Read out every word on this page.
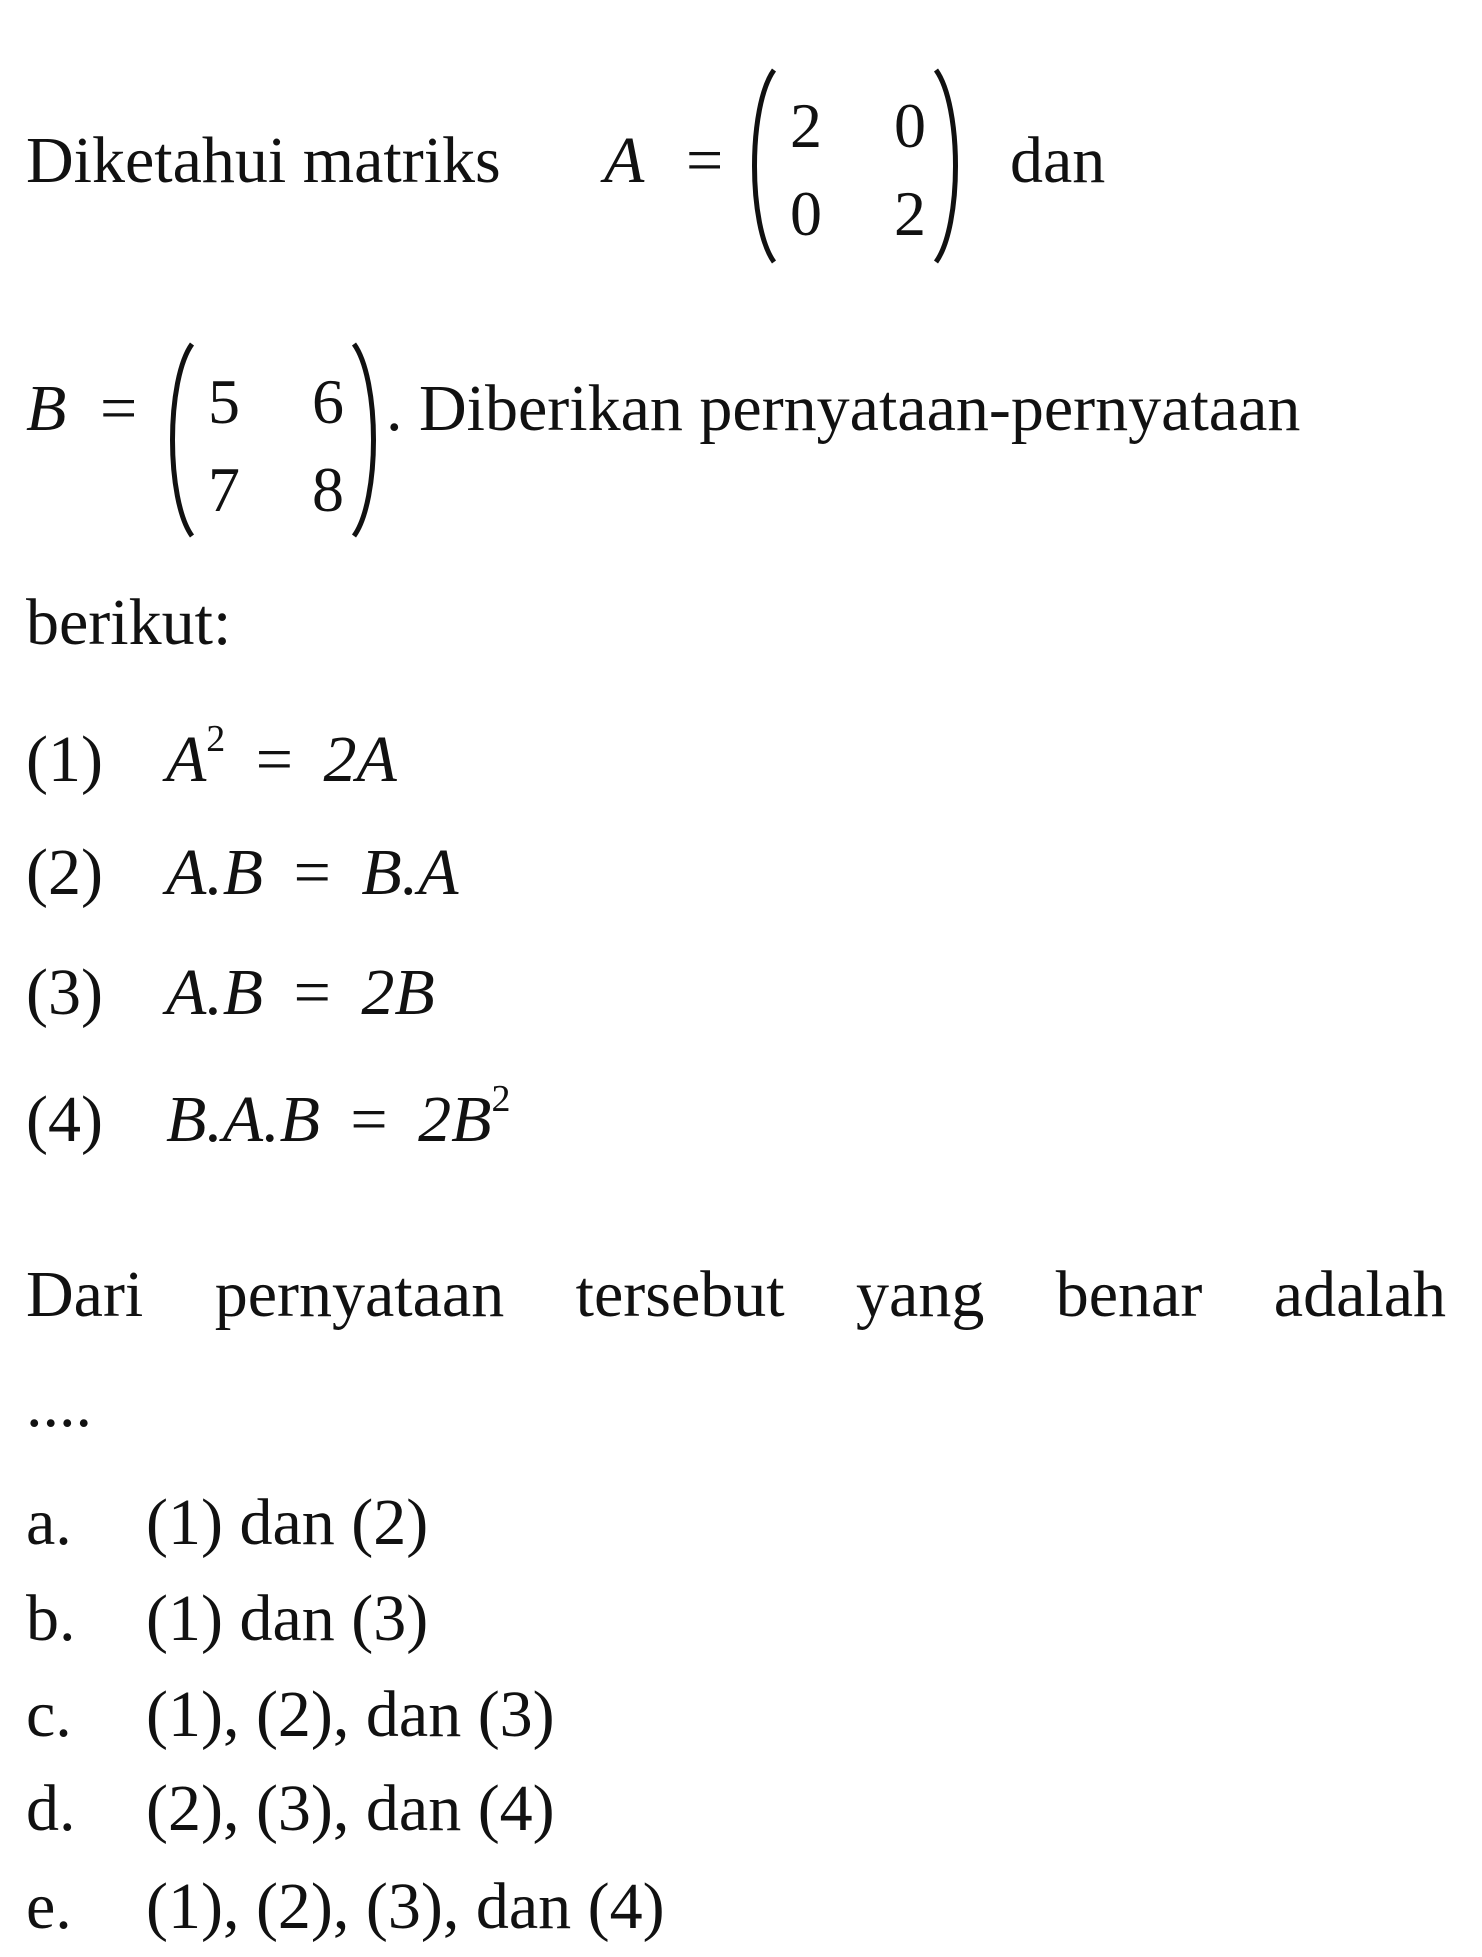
Diketahui matriks A = 2 0
0 2
dan
B = 5 6
7 8
. Diberikan pernyataan-pernyataan
berikut:
(1) $A^2 = 2A$
(2) A.B = B.A
(3) A.B = 2B
(4) $B.A.B = 2B^2$
Dari pernyataan tersebut yang benar adalah
....
a. (1) dan (2)
b. (1) dan (3)
c. (1), (2), dan (3)
d. (2), (3), dan (4)
e. (1), (2), (3), dan (4)
